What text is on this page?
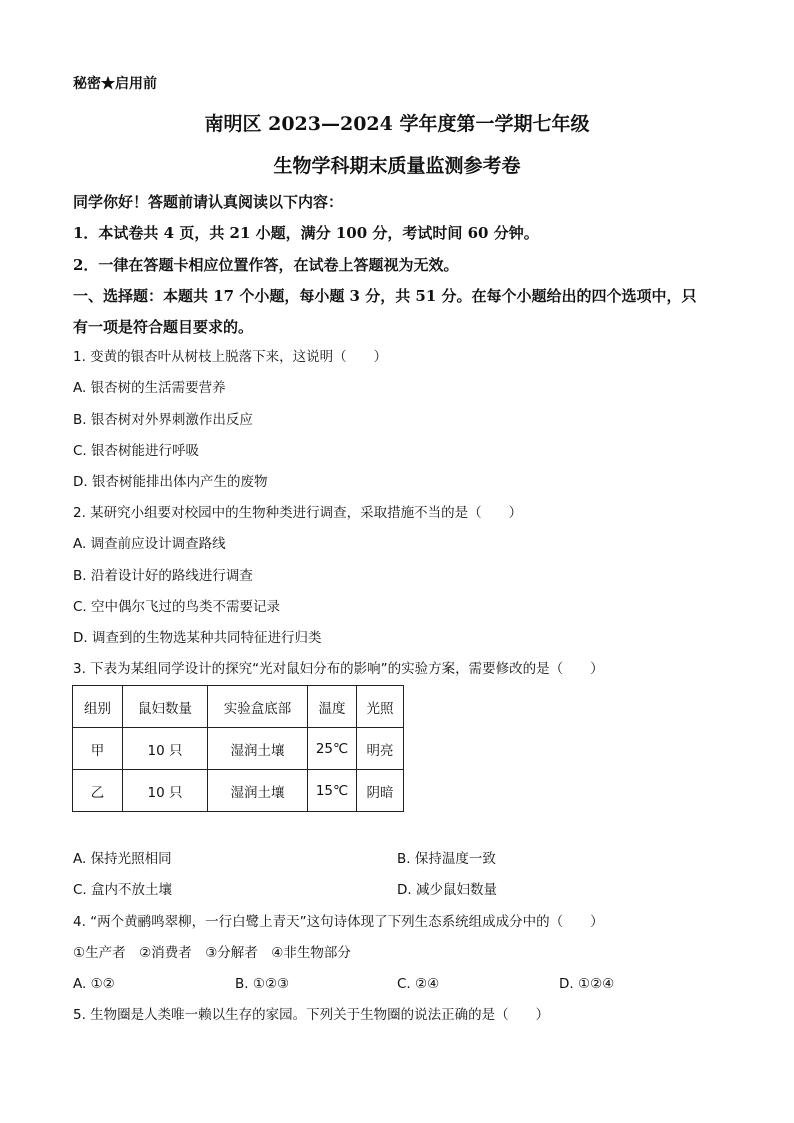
秘密★启用前
南明区 2023—2024 学年度第一学期七年级
生物学科期末质量监测参考卷
同学你好！答题前请认真阅读以下内容：
1．本试卷共 4 页，共 21 小题，满分 100 分，考试时间 60 分钟。
2．一律在答题卡相应位置作答，在试卷上答题视为无效。
一、选择题：本题共 17 个小题，每小题 3 分，共 51 分。在每个小题给出的四个选项中，只
有一项是符合题目要求的。
1. 变黄的银杏叶从树枝上脱落下来，这说明（　　）
A. 银杏树的生活需要营养
B. 银杏树对外界刺激作出反应
C. 银杏树能进行呼吸
D. 银杏树能排出体内产生的废物
2. 某研究小组要对校园中的生物种类进行调查，采取措施不当的是（　　）
A. 调查前应设计调查路线
B. 沿着设计好的路线进行调查
C. 空中偶尔飞过的鸟类不需要记录
D. 调查到的生物选某种共同特征进行归类
3. 下表为某组同学设计的探究“光对鼠妇分布的影响”的实验方案，需要修改的是（　　）
组别	鼠妇数量	实验盒底部	温度	光照
甲	10 只	湿润土壤	25℃	明亮
乙	10 只	湿润土壤	15℃	阴暗
A. 保持光照相同	B. 保持温度一致
C. 盒内不放土壤	D. 减少鼠妇数量
4. “两个黄鹂鸣翠柳，一行白鹭上青天”这句诗体现了下列生态系统组成成分中的（　　）
①生产者　②消费者　③分解者　④非生物部分
A. ①②	B. ①②③	C. ②④	D. ①②④
5. 生物圈是人类唯一赖以生存的家园。下列关于生物圈的说法正确的是（　　）
